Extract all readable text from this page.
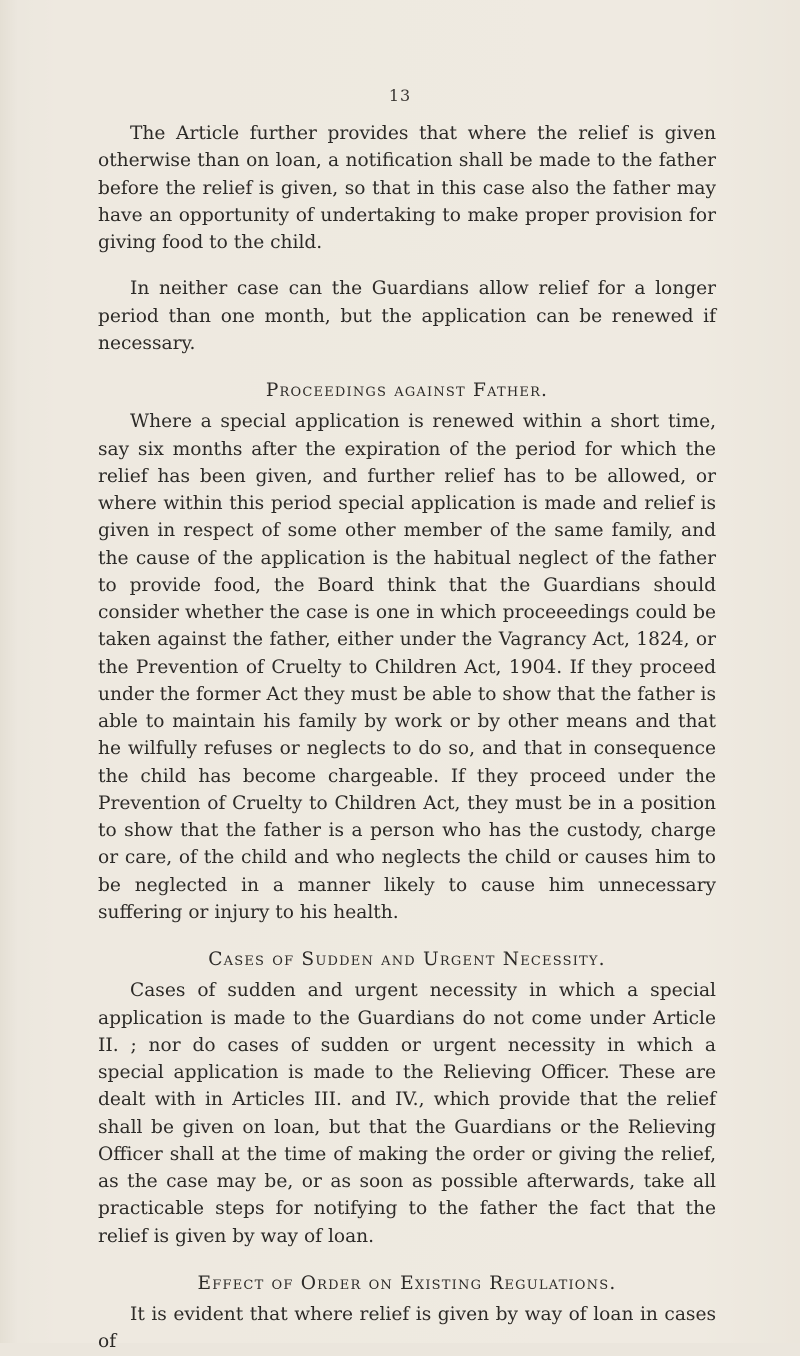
13

The Article further provides that where the relief is given otherwise than on loan, a notification shall be made to the father before the relief is given, so that in this case also the father may have an opportunity of undertaking to make proper provision for giving food to the child.

In neither case can the Guardians allow relief for a longer period than one month, but the application can be renewed if necessary.

Proceedings against Father.

Where a special application is renewed within a short time, say six months after the expiration of the period for which the relief has been given, and further relief has to be allowed, or where within this period special application is made and relief is given in respect of some other member of the same family, and the cause of the application is the habitual neglect of the father to provide food, the Board think that the Guardians should consider whether the case is one in which proceeedings could be taken against the father, either under the Vagrancy Act, 1824, or the Prevention of Cruelty to Children Act, 1904. If they proceed under the former Act they must be able to show that the father is able to maintain his family by work or by other means and that he wilfully refuses or neglects to do so, and that in consequence the child has become chargeable. If they proceed under the Prevention of Cruelty to Children Act, they must be in a position to show that the father is a person who has the custody, charge or care, of the child and who neglects the child or causes him to be neglected in a manner likely to cause him unnecessary suffering or injury to his health.

Cases of Sudden and Urgent Necessity.

Cases of sudden and urgent necessity in which a special application is made to the Guardians do not come under Article II. ; nor do cases of sudden or urgent necessity in which a special application is made to the Relieving Officer. These are dealt with in Articles III. and IV., which provide that the relief shall be given on loan, but that the Guardians or the Relieving Officer shall at the time of making the order or giving the relief, as the case may be, or as soon as possible afterwards, take all practicable steps for notifying to the father the fact that the relief is given by way of loan.

Effect of Order on Existing Regulations.

It is evident that where relief is given by way of loan in cases of
